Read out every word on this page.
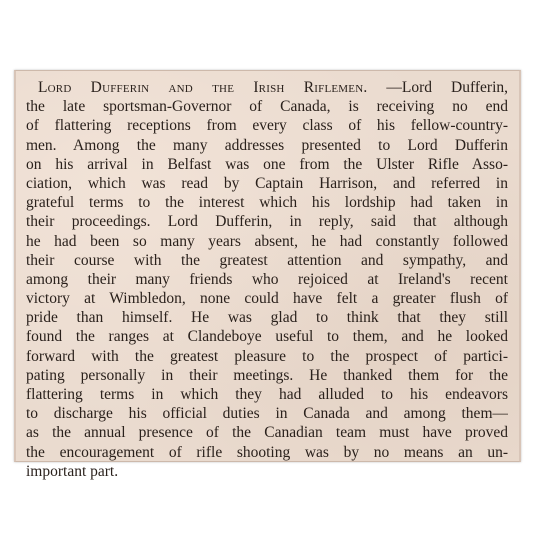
Lord Dufferin and the Irish Riflemen. —Lord Dufferin,
the late sportsman-Governor of Canada, is receiving no end
of flattering receptions from every class of his fellow-country-
men. Among the many addresses presented to Lord Dufferin
on his arrival in Belfast was one from the Ulster Rifle Asso-
ciation, which was read by Captain Harrison, and referred in
grateful terms to the interest which his lordship had taken in
their proceedings. Lord Dufferin, in reply, said that although
he had been so many years absent, he had constantly followed
their course with the greatest attention and sympathy, and
among their many friends who rejoiced at Ireland's recent
victory at Wimbledon, none could have felt a greater flush of
pride than himself. He was glad to think that they still
found the ranges at Clandeboye useful to them, and he looked
forward with the greatest pleasure to the prospect of partici-
pating personally in their meetings. He thanked them for the
flattering terms in which they had alluded to his endeavors
to discharge his official duties in Canada and among them—
as the annual presence of the Canadian team must have proved
the encouragement of rifle shooting was by no means an un-
important part.
